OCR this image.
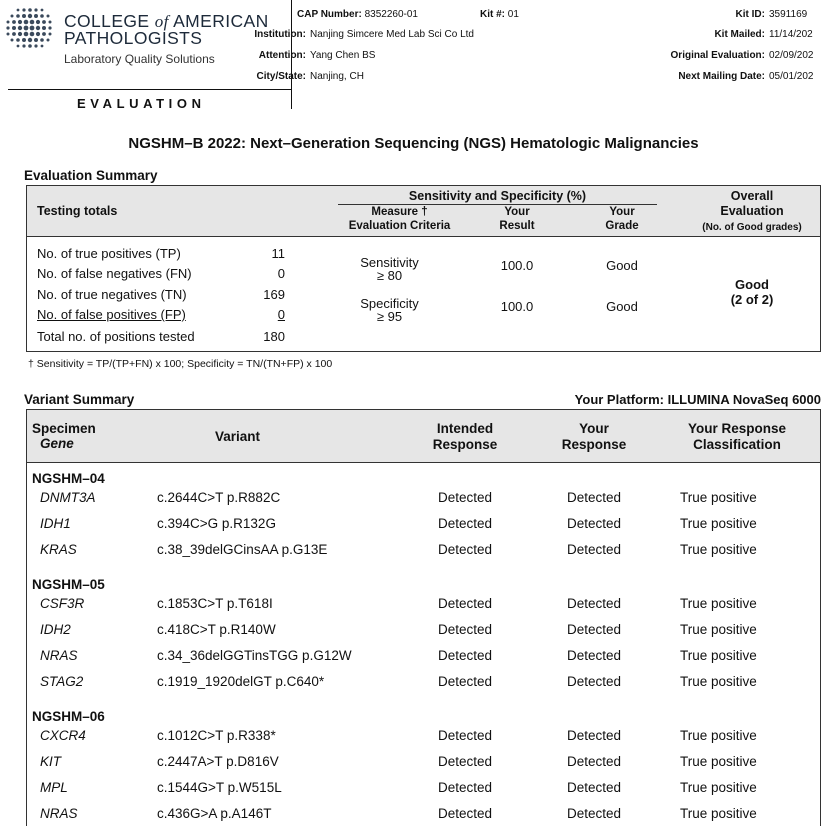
COLLEGE of AMERICAN
PATHOLOGISTS
Laboratory Quality Solutions
EVALUATION
CAP Number: 8352260-01	Kit #: 01
Institution: Nanjing Simcere Med Lab Sci Co Ltd
Attention: Yang Chen BS
City/State: Nanjing, CH
Kit ID: 3591169
Kit Mailed: 11/14/202
Original Evaluation: 02/09/202
Next Mailing Date: 05/01/202
NGSHM–B 2022: Next–Generation Sequencing (NGS) Hematologic Malignancies
Evaluation Summary
Testing totals
Sensitivity and Specificity (%)
Measure †
Evaluation Criteria
Your
Result
Your
Grade
Overall
Evaluation
(No. of Good grades)
No. of true positives (TP)	11
No. of false negatives (FN)	0
No. of true negatives (TN)	169
No. of false positives (FP)	0
Total no. of positions tested	180
Sensitivity
≥ 80
100.0	Good
Specificity
≥ 95
100.0	Good
Good
(2 of 2)
† Sensitivity = TP/(TP+FN) x 100; Specificity = TN/(TN+FP) x 100
Variant Summary	Your Platform: ILLUMINA NovaSeq 6000
Specimen
Gene	Variant
Intended
Response
Your
Response
Your Response
Classification
NGSHM–04
DNMT3A	c.2644C>T p.R882C	Detected	Detected	True positive
IDH1	c.394C>G p.R132G	Detected	Detected	True positive
KRAS	c.38_39delGCinsAA p.G13E	Detected	Detected	True positive
NGSHM–05
CSF3R	c.1853C>T p.T618I	Detected	Detected	True positive
IDH2	c.418C>T p.R140W	Detected	Detected	True positive
NRAS	c.34_36delGGTinsTGG p.G12W	Detected	Detected	True positive
STAG2	c.1919_1920delGT p.C640*	Detected	Detected	True positive
NGSHM–06
CXCR4	c.1012C>T p.R338*	Detected	Detected	True positive
KIT	c.2447A>T p.D816V	Detected	Detected	True positive
MPL	c.1544G>T p.W515L	Detected	Detected	True positive
NRAS	c.436G>A p.A146T	Detected	Detected	True positive
